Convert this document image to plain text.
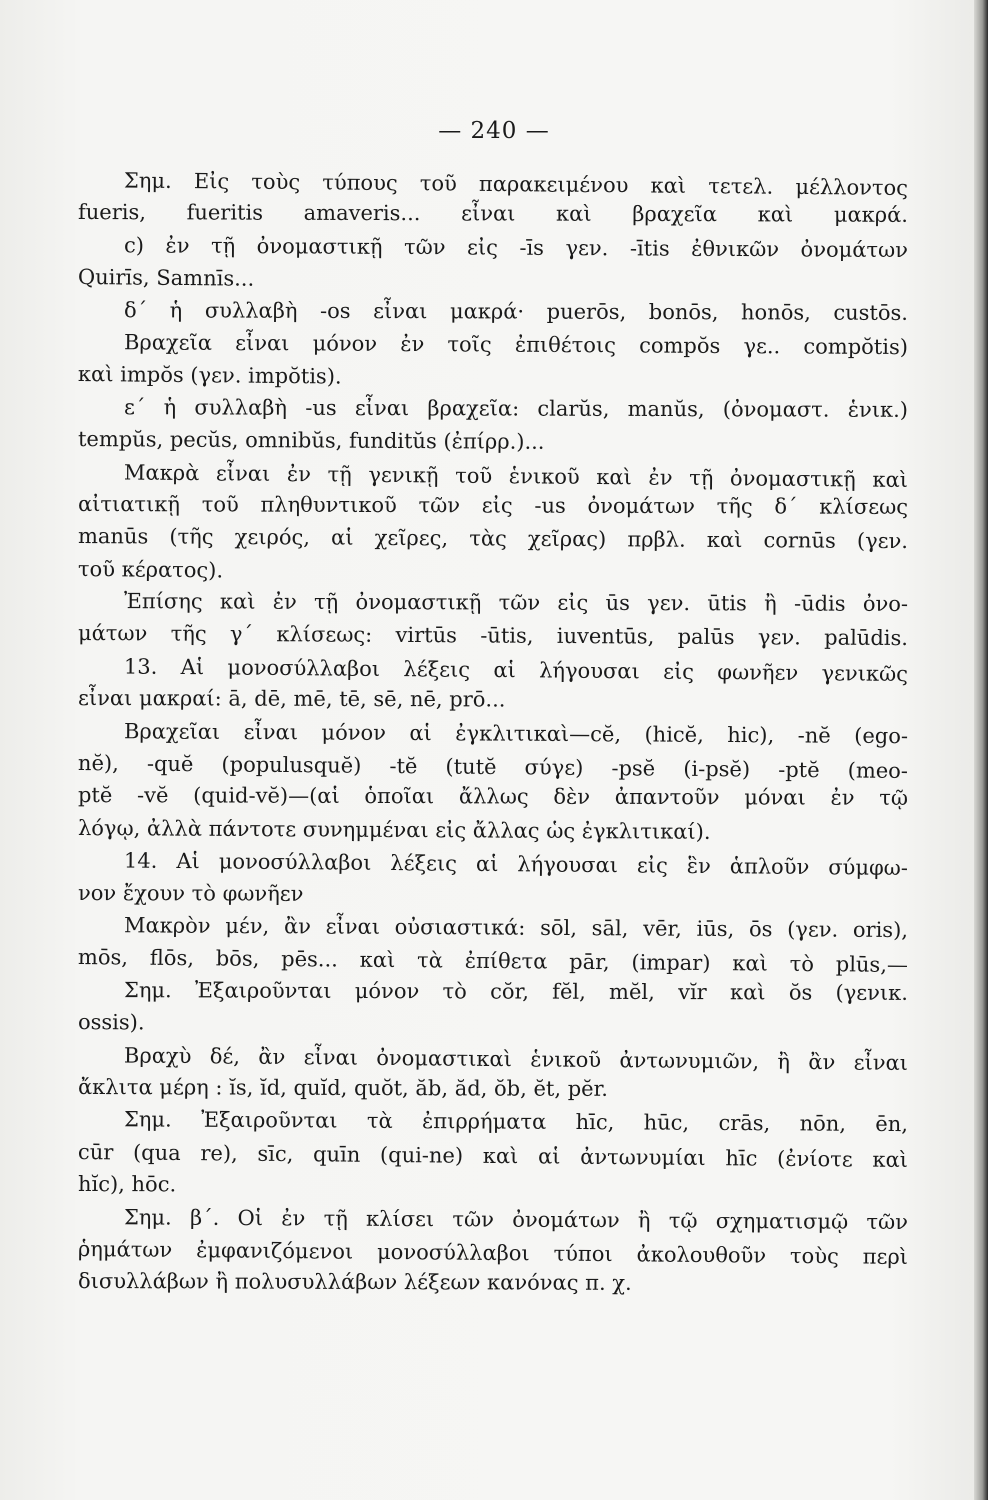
— 240 —
Σημ. Εἰς τοὺς τύπους τοῦ παρακειμένου καὶ τετελ. μέλλοντος
fueris, fueritis amaveris... εἶναι καὶ βραχεῖα καὶ μακρά.
c) ἐν τῇ ὀνομαστικῇ τῶν εἰς -īs γεν. -ītis ἐθνικῶν ὀνομάτων
Quirīs, Samnīs...
δ΄ ἡ συλλαβὴ -os εἶναι μακρά· puerōs, bonōs, honōs, custōs.
Βραχεῖα εἶναι μόνον ἐν τοῖς ἐπιθέτοις compŏs γε.. compŏtis)
καὶ impŏs (γεν. impŏtis).
ε΄ ἡ συλλαβὴ -us εἶναι βραχεῖα: clarŭs, manŭs, (ὀνομαστ. ἑνικ.)
tempŭs, pecŭs, omnibŭs, funditŭs (ἐπίρρ.)...
Μακρὰ εἶναι ἐν τῇ γενικῇ τοῦ ἑνικοῦ καὶ ἐν τῇ ὀνομαστικῇ καὶ
αἰτιατικῇ τοῦ πληθυντικοῦ τῶν εἰς -us ὀνομάτων τῆς δ΄ κλίσεως
manūs (τῆς χειρός, αἱ χεῖρες, τὰς χεῖρας) πρβλ. καὶ cornūs (γεν.
τοῦ κέρατος).
Ἐπίσης καὶ ἐν τῇ ὀνομαστικῇ τῶν εἰς ūs γεν. ūtis ἢ -ūdis ὀνο-
μάτων τῆς γ΄ κλίσεως: virtūs -ūtis, iuventūs, palūs γεν. palūdis.
13. Αἱ μονοσύλλαβοι λέξεις αἱ λήγουσαι εἰς φωνῆεν γενικῶς
εἶναι μακραί: ā, dē, mē, tē, sē, nē, prō...
Βραχεῖαι εἶναι μόνον αἱ ἐγκλιτικαὶ—cĕ, (hicĕ, hic), -nĕ (ego-
nĕ), -quĕ (populusquĕ) -tĕ (tutĕ σύγε) -psĕ (i-psĕ) -ptĕ (meo-
ptĕ -vĕ (quid-vĕ)—(αἱ ὁποῖαι ἄλλως δὲν ἀπαντοῦν μόναι ἐν τῷ
λόγῳ, ἀλλὰ πάντοτε συνημμέναι εἰς ἄλλας ὡς ἐγκλιτικαί).
14. Αἱ μονοσύλλαβοι λέξεις αἱ λήγουσαι εἰς ἓν ἁπλοῦν σύμφω-
νον ἔχουν τὸ φωνῆεν
Μακρὸν μέν, ἂν εἶναι οὐσιαστικά: sōl, sāl, vēr, iūs, ōs (γεν. oris),
mōs, flōs, bōs, pēs... καὶ τὰ ἐπίθετα pār, (impar) καὶ τὸ plūs,—
Σημ. Ἐξαιροῦνται μόνον τὸ cŏr, fĕl, mĕl, vĭr καὶ ŏs (γενικ.
ossis).
Βραχὺ δέ, ἂν εἶναι ὀνομαστικαὶ ἑνικοῦ ἀντωνυμιῶν, ἢ ἂν εἶναι
ἄκλιτα μέρη : ĭs, ĭd, quĭd, quŏt, ăb, ăd, ŏb, ĕt, pĕr.
Σημ. Ἐξαιροῦνται τὰ ἐπιρρήματα hīc, hūc, crās, nōn, ēn,
cūr (qua re), sīc, quīn (qui-ne) καὶ αἱ ἀντωνυμίαι hīc (ἐνίοτε καὶ
hĭc), hōc.
Σημ. β΄. Οἱ ἐν τῇ κλίσει τῶν ὀνομάτων ἢ τῷ σχηματισμῷ τῶν
ῥημάτων ἐμφανιζόμενοι μονοσύλλαβοι τύποι ἀκολουθοῦν τοὺς περὶ
δισυλλάβων ἢ πολυσυλλάβων λέξεων κανόνας π. χ.
